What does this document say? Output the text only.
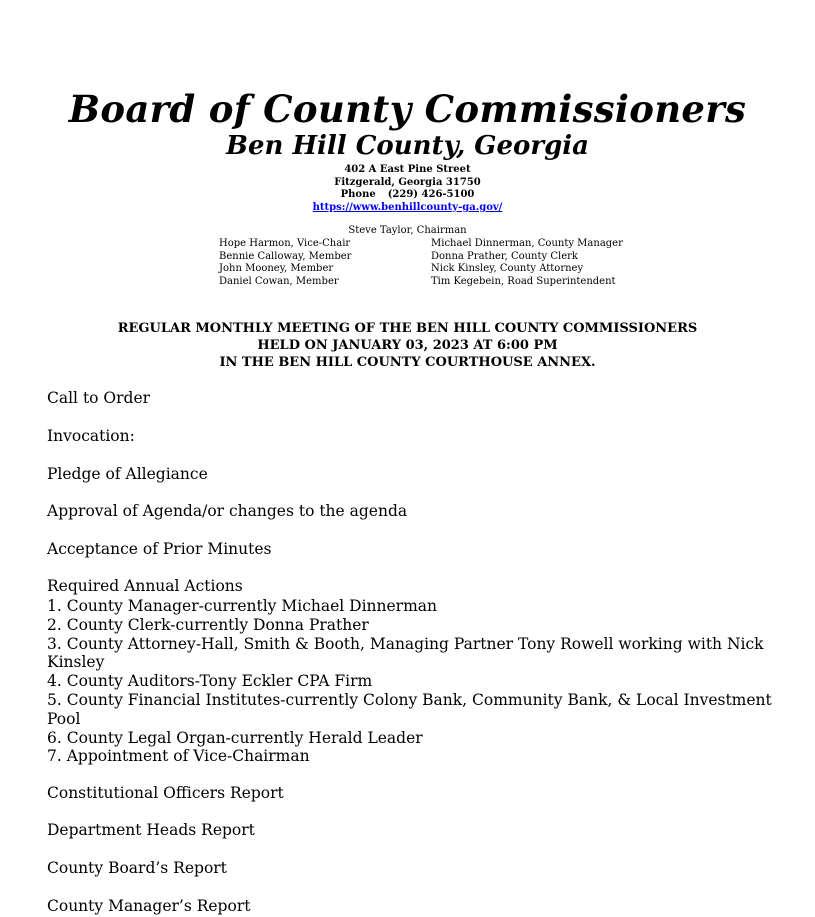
Board of County Commissioners
Ben Hill County, Georgia
402 A East Pine Street
Fitzgerald, Georgia 31750
Phone (229) 426-5100
https://www.benhillcounty-ga.gov/
Steve Taylor, Chairman
Hope Harmon, Vice-Chair
Bennie Calloway, Member
John Mooney, Member
Daniel Cowan, Member
Michael Dinnerman, County Manager
Donna Prather, County Clerk
Nick Kinsley, County Attorney
Tim Kegebein, Road Superintendent
REGULAR MONTHLY MEETING OF THE BEN HILL COUNTY COMMISSIONERS
HELD ON JANUARY 03, 2023 AT 6:00 PM
IN THE BEN HILL COUNTY COURTHOUSE ANNEX.
Call to Order
Invocation:
Pledge of Allegiance
Approval of Agenda/or changes to the agenda
Acceptance of Prior Minutes
Required Annual Actions
1. County Manager-currently Michael Dinnerman
2. County Clerk-currently Donna Prather
3. County Attorney-Hall, Smith & Booth, Managing Partner Tony Rowell working with Nick Kinsley
4. County Auditors-Tony Eckler CPA Firm
5. County Financial Institutes-currently Colony Bank, Community Bank, & Local Investment Pool
6. County Legal Organ-currently Herald Leader
7. Appointment of Vice-Chairman
Constitutional Officers Report
Department Heads Report
County Board’s Report
County Manager’s Report
